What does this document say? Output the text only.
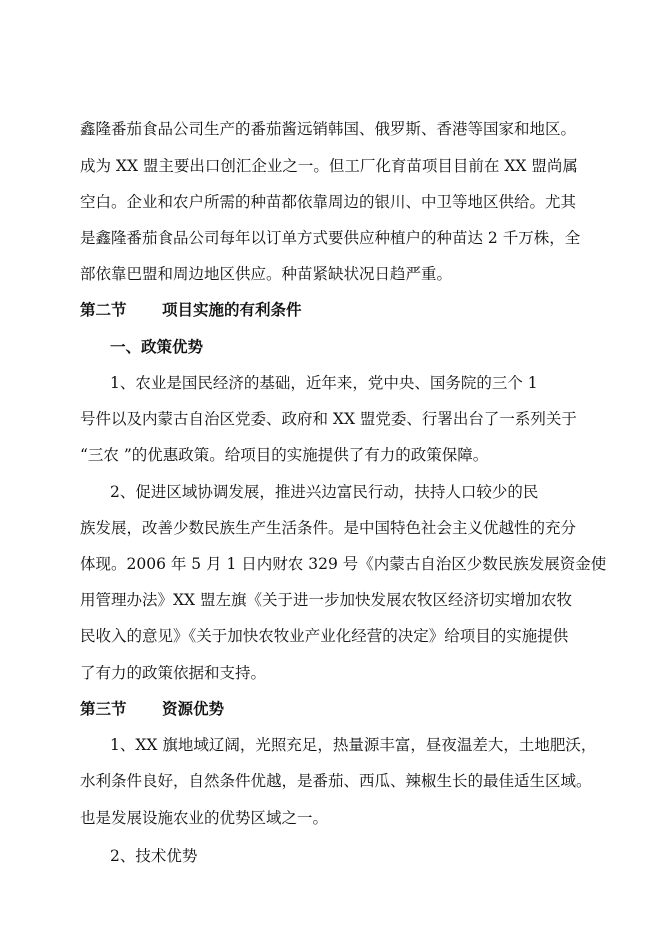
鑫隆番茄食品公司生产的番茄酱远销韩国、俄罗斯、香港等国家和地区。
成为 XX 盟主要出口创汇企业之一。但工厂化育苗项目目前在 XX 盟尚属
空白。企业和农户所需的种苗都依靠周边的银川、中卫等地区供给。尤其
是鑫隆番茄食品公司每年以订单方式要供应种植户的种苗达 2 千万株，全
部依靠巴盟和周边地区供应。种苗紧缺状况日趋严重。
第二节 项目实施的有利条件
一、政策优势
1、农业是国民经济的基础，近年来，党中央、国务院的三个 1
号件以及内蒙古自治区党委、政府和 XX 盟党委、行署出台了一系列关于
“三农 ”的优惠政策。给项目的实施提供了有力的政策保障。
2、促进区域协调发展，推进兴边富民行动，扶持人口较少的民
族发展，改善少数民族生产生活条件。是中国特色社会主义优越性的充分
体现。2006 年 5 月 1 日内财农 329 号《内蒙古自治区少数民族发展资金使
用管理办法》XX 盟左旗《关于进一步加快发展农牧区经济切实增加农牧
民收入的意见》《关于加快农牧业产业化经营的决定》给项目的实施提供
了有力的政策依据和支持。
第三节 资源优势
1、XX 旗地域辽阔，光照充足，热量源丰富，昼夜温差大，土地肥沃，
水利条件良好，自然条件优越，是番茄、西瓜、辣椒生长的最佳适生区域。
也是发展设施农业的优势区域之一。
2、技术优势
